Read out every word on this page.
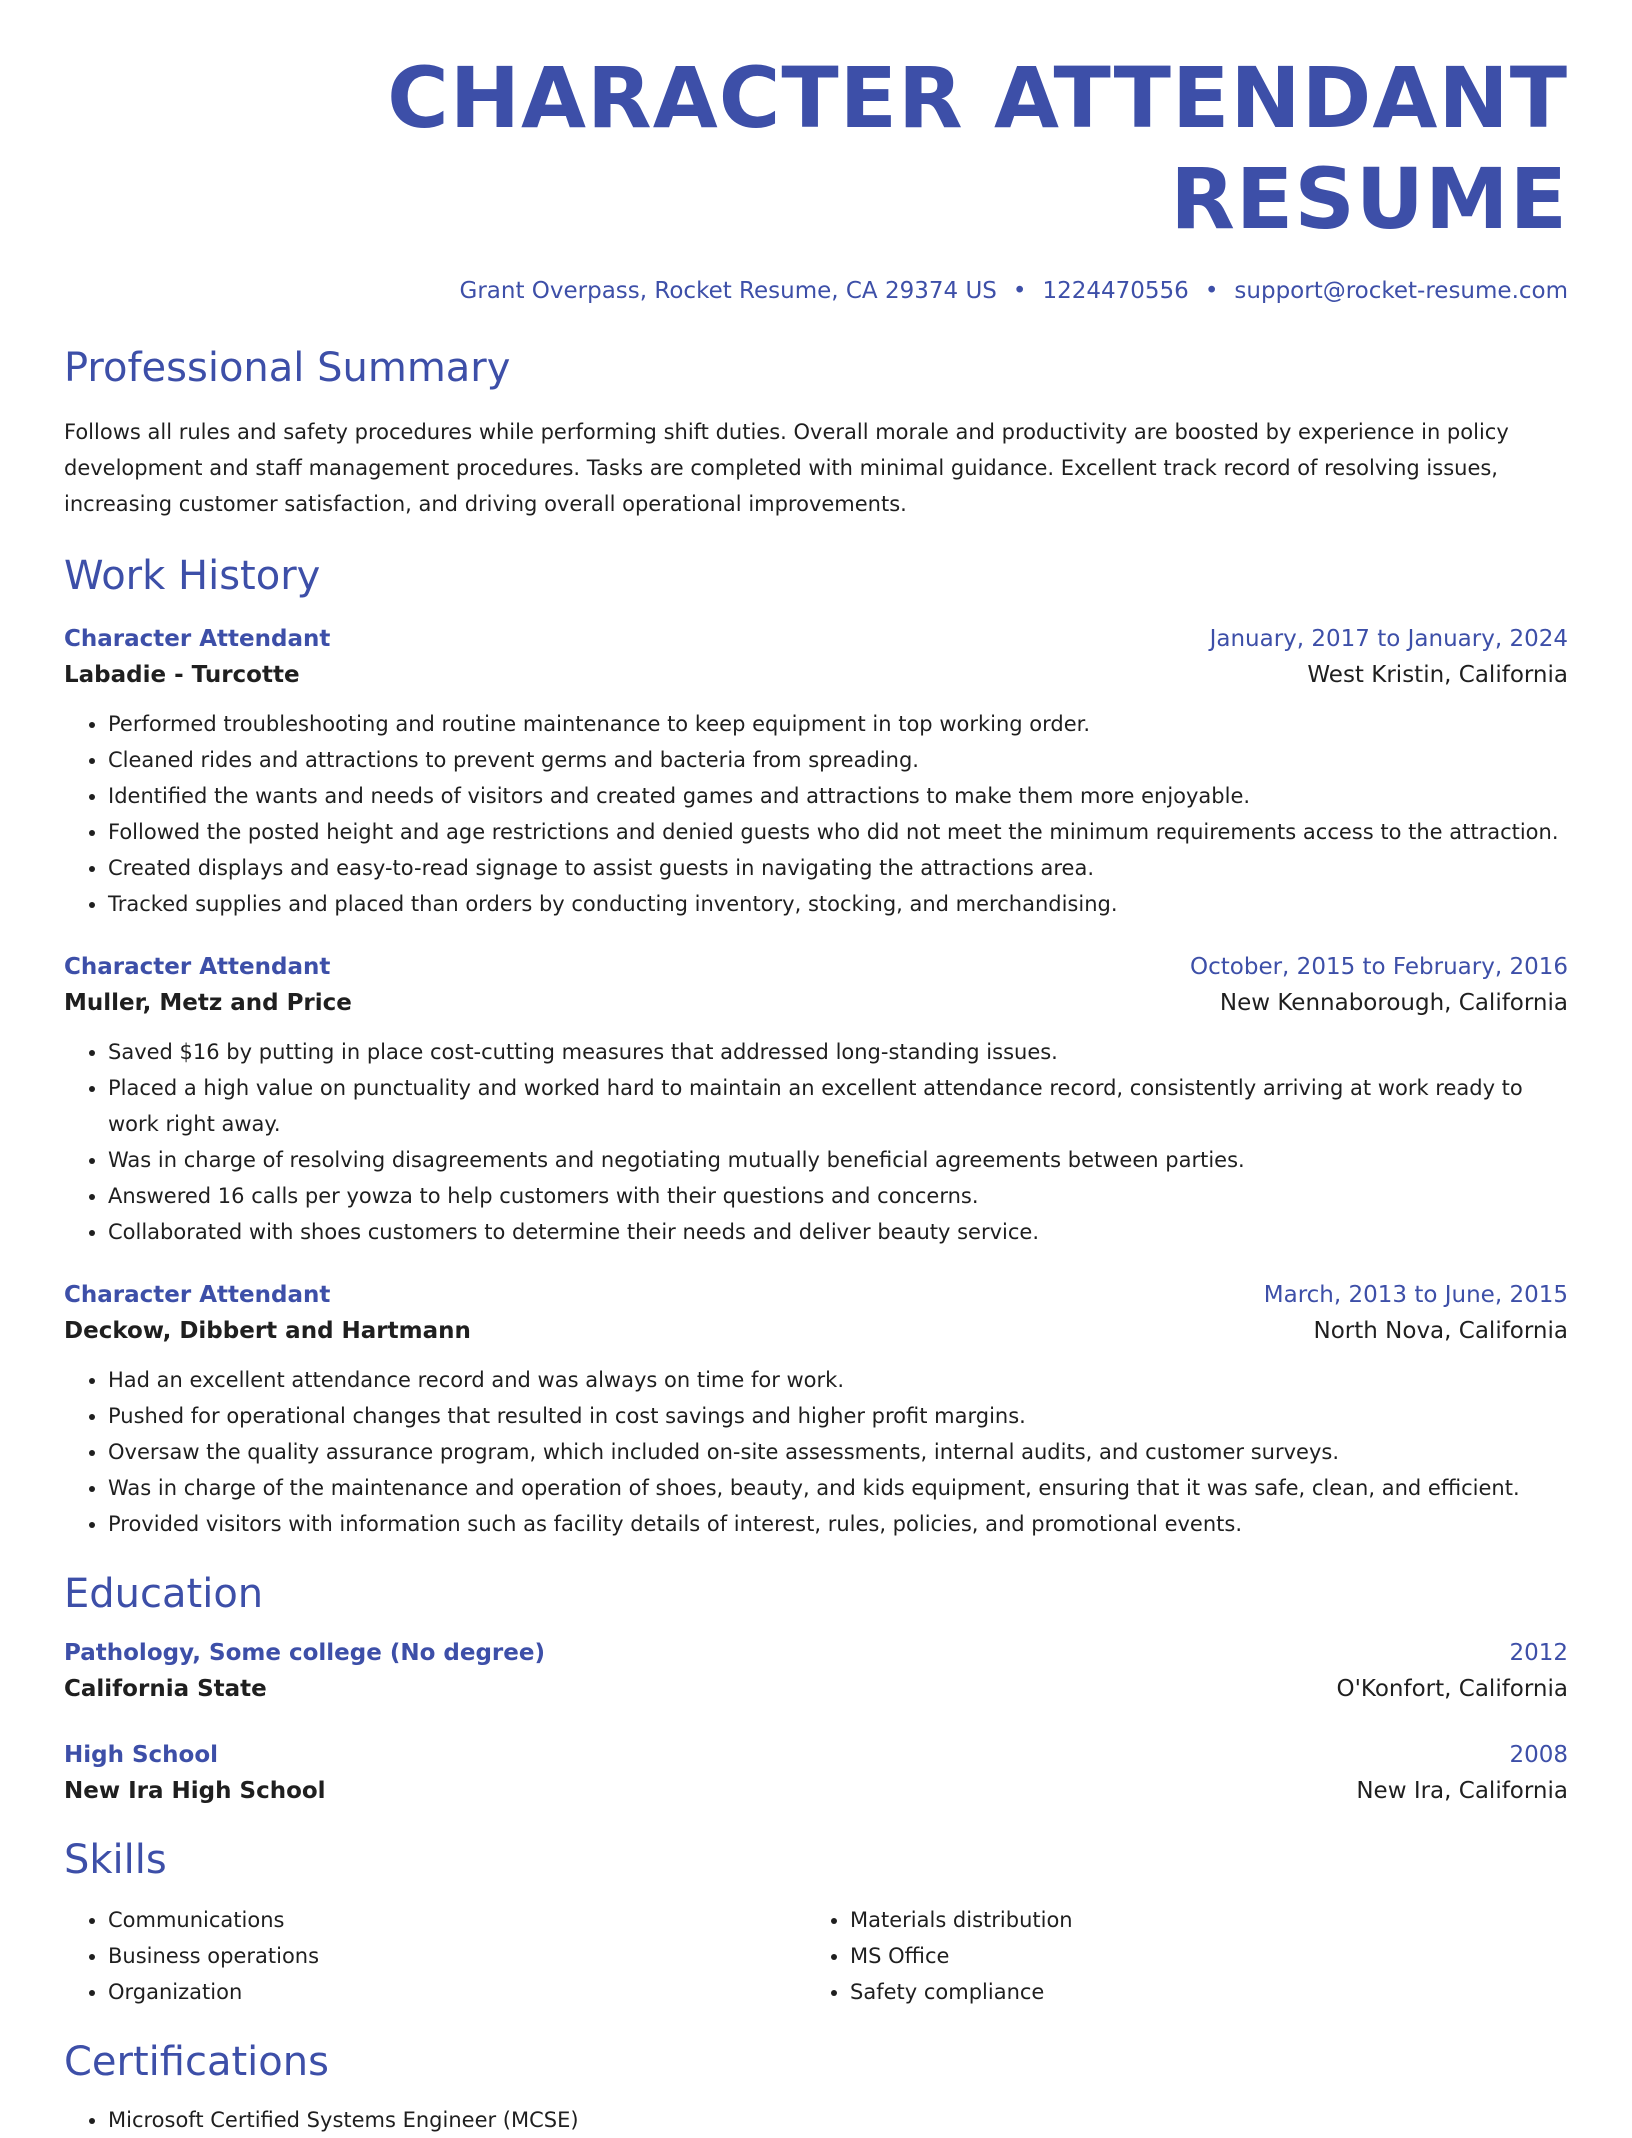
CHARACTER ATTENDANT RESUME
Grant Overpass, Rocket Resume, CA 29374 US • 1224470556 • support@rocket-resume.com
Professional Summary
Follows all rules and safety procedures while performing shift duties. Overall morale and productivity are boosted by experience in policy development and staff management procedures. Tasks are completed with minimal guidance. Excellent track record of resolving issues, increasing customer satisfaction, and driving overall operational improvements.
Work History
Character Attendant	January, 2017 to January, 2024
Labadie - Turcotte	West Kristin, California
• Performed troubleshooting and routine maintenance to keep equipment in top working order.
• Cleaned rides and attractions to prevent germs and bacteria from spreading.
• Identified the wants and needs of visitors and created games and attractions to make them more enjoyable.
• Followed the posted height and age restrictions and denied guests who did not meet the minimum requirements access to the attraction.
• Created displays and easy-to-read signage to assist guests in navigating the attractions area.
• Tracked supplies and placed than orders by conducting inventory, stocking, and merchandising.
Character Attendant	October, 2015 to February, 2016
Muller, Metz and Price	New Kennaborough, California
• Saved $16 by putting in place cost-cutting measures that addressed long-standing issues.
• Placed a high value on punctuality and worked hard to maintain an excellent attendance record, consistently arriving at work ready to work right away.
• Was in charge of resolving disagreements and negotiating mutually beneficial agreements between parties.
• Answered 16 calls per yowza to help customers with their questions and concerns.
• Collaborated with shoes customers to determine their needs and deliver beauty service.
Character Attendant	March, 2013 to June, 2015
Deckow, Dibbert and Hartmann	North Nova, California
• Had an excellent attendance record and was always on time for work.
• Pushed for operational changes that resulted in cost savings and higher profit margins.
• Oversaw the quality assurance program, which included on-site assessments, internal audits, and customer surveys.
• Was in charge of the maintenance and operation of shoes, beauty, and kids equipment, ensuring that it was safe, clean, and efficient.
• Provided visitors with information such as facility details of interest, rules, policies, and promotional events.
Education
Pathology, Some college (No degree)	2012
California State	O'Konfort, California
High School	2008
New Ira High School	New Ira, California
Skills
• Communications
• Business operations
• Organization
• Materials distribution
• MS Office
• Safety compliance
Certifications
• Microsoft Certified Systems Engineer (MCSE)
